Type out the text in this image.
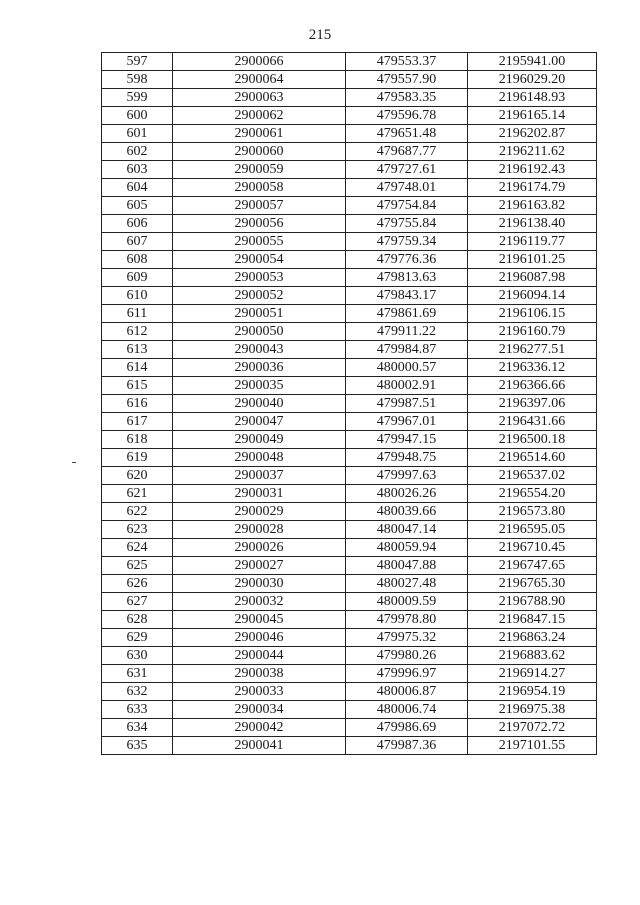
215
597	2900066	479553.37	2195941.00
598	2900064	479557.90	2196029.20
599	2900063	479583.35	2196148.93
600	2900062	479596.78	2196165.14
601	2900061	479651.48	2196202.87
602	2900060	479687.77	2196211.62
603	2900059	479727.61	2196192.43
604	2900058	479748.01	2196174.79
605	2900057	479754.84	2196163.82
606	2900056	479755.84	2196138.40
607	2900055	479759.34	2196119.77
608	2900054	479776.36	2196101.25
609	2900053	479813.63	2196087.98
610	2900052	479843.17	2196094.14
611	2900051	479861.69	2196106.15
612	2900050	479911.22	2196160.79
613	2900043	479984.87	2196277.51
614	2900036	480000.57	2196336.12
615	2900035	480002.91	2196366.66
616	2900040	479987.51	2196397.06
617	2900047	479967.01	2196431.66
618	2900049	479947.15	2196500.18
619	2900048	479948.75	2196514.60
620	2900037	479997.63	2196537.02
621	2900031	480026.26	2196554.20
622	2900029	480039.66	2196573.80
623	2900028	480047.14	2196595.05
624	2900026	480059.94	2196710.45
625	2900027	480047.88	2196747.65
626	2900030	480027.48	2196765.30
627	2900032	480009.59	2196788.90
628	2900045	479978.80	2196847.15
629	2900046	479975.32	2196863.24
630	2900044	479980.26	2196883.62
631	2900038	479996.97	2196914.27
632	2900033	480006.87	2196954.19
633	2900034	480006.74	2196975.38
634	2900042	479986.69	2197072.72
635	2900041	479987.36	2197101.55
